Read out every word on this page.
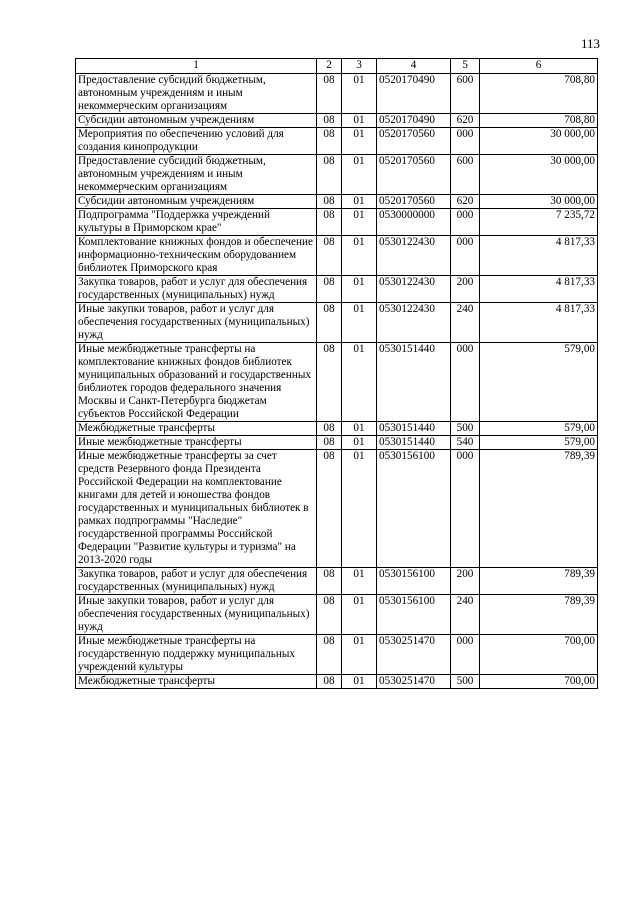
113
1	2	3	4	5	6
Предоставление субсидий бюджетным, автономным учреждениям и иным некоммерческим организациям	08	01	0520170490	600	708,80
Субсидии автономным учреждениям	08	01	0520170490	620	708,80
Мероприятия по обеспечению условий для создания кинопродукции	08	01	0520170560	000	30 000,00
Предоставление субсидий бюджетным, автономным учреждениям и иным некоммерческим организациям	08	01	0520170560	600	30 000,00
Субсидии автономным учреждениям	08	01	0520170560	620	30 000,00
Подпрограмма "Поддержка учреждений культуры в Приморском крае"	08	01	0530000000	000	7 235,72
Комплектование книжных фондов и обеспечение информационно-техническим оборудованием библиотек Приморского края	08	01	0530122430	000	4 817,33
Закупка товаров, работ и услуг для обеспечения государственных (муниципальных) нужд	08	01	0530122430	200	4 817,33
Иные закупки товаров, работ и услуг для обеспечения государственных (муниципальных) нужд	08	01	0530122430	240	4 817,33
Иные межбюджетные трансферты на комплектование книжных фондов библиотек муниципальных образований и государственных библиотек городов федерального значения Москвы и Санкт-Петербурга бюджетам субъектов Российской Федерации	08	01	0530151440	000	579,00
Межбюджетные трансферты	08	01	0530151440	500	579,00
Иные межбюджетные трансферты	08	01	0530151440	540	579,00
Иные межбюджетные трансферты за счет средств Резервного фонда Президента Российской Федерации на комплектование книгами для детей и юношества фондов государственных и муниципальных библиотек в рамках подпрограммы "Наследие" государственной программы Российской Федерации "Развитие культуры и туризма" на 2013-2020 годы	08	01	0530156100	000	789,39
Закупка товаров, работ и услуг для обеспечения государственных (муниципальных) нужд	08	01	0530156100	200	789,39
Иные закупки товаров, работ и услуг для обеспечения государственных (муниципальных) нужд	08	01	0530156100	240	789,39
Иные межбюджетные трансферты на государственную поддержку муниципальных учреждений культуры	08	01	0530251470	000	700,00
Межбюджетные трансферты	08	01	0530251470	500	700,00
